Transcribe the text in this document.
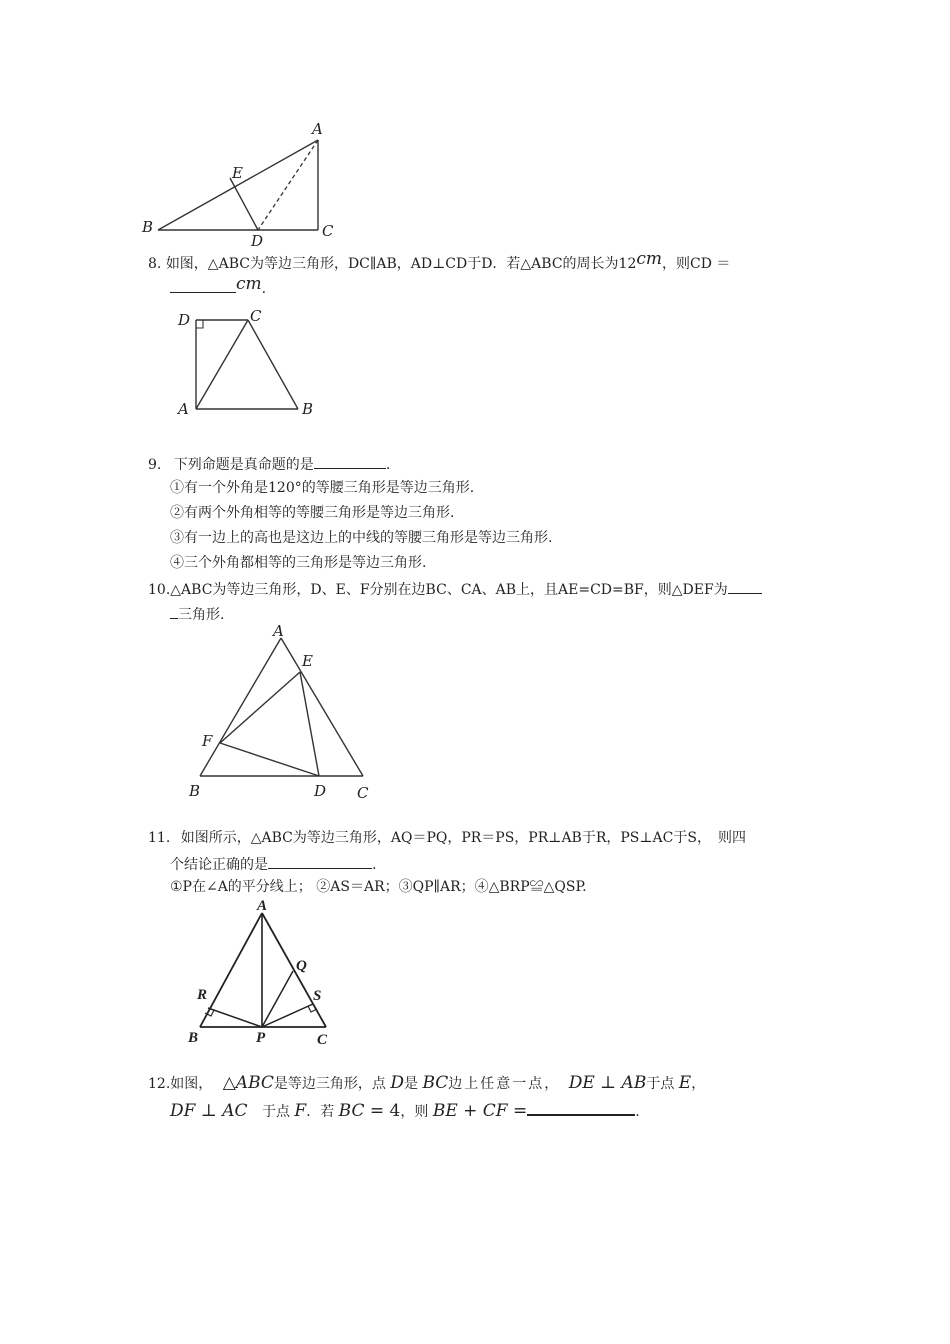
A
E
B	C
D
8. 如图，△ABC为等边三角形，DC∥AB，AD⊥CD于D．若△ABC的周长为12cm，则CD ＝
cm.
D	C
A	B
9. 下列命题是真命题的是	.
①有一个外角是120°的等腰三角形是等边三角形.
②有两个外角相等的等腰三角形是等边三角形.
③有一边上的高也是这边上的中线的等腰三角形是等边三角形.
④三个外角都相等的三角形是等边三角形.
10.△ABC为等边三角形，D、E、F分别在边BC、CA、AB上，且AE=CD=BF，则△DEF为
三角形.
A
E
F
B	D C
11. 如图所示，△ABC为等边三角形，AQ＝PQ，PR＝PS，PR⊥AB于R，PS⊥AC于S，　则四
个结论正确的是	.
①P在∠A的平分线上； ②AS＝AR；③QP∥AR；④△BRP≌△QSP.
A
Q
R	S
B	P	C
12.如图， △ABC是等边三角形，点 D是 BC边上任意一点， DE ⊥ AB于点 E，
DF ⊥ AC 于点 F．若 BC = 4，则 BE + CF =	.
